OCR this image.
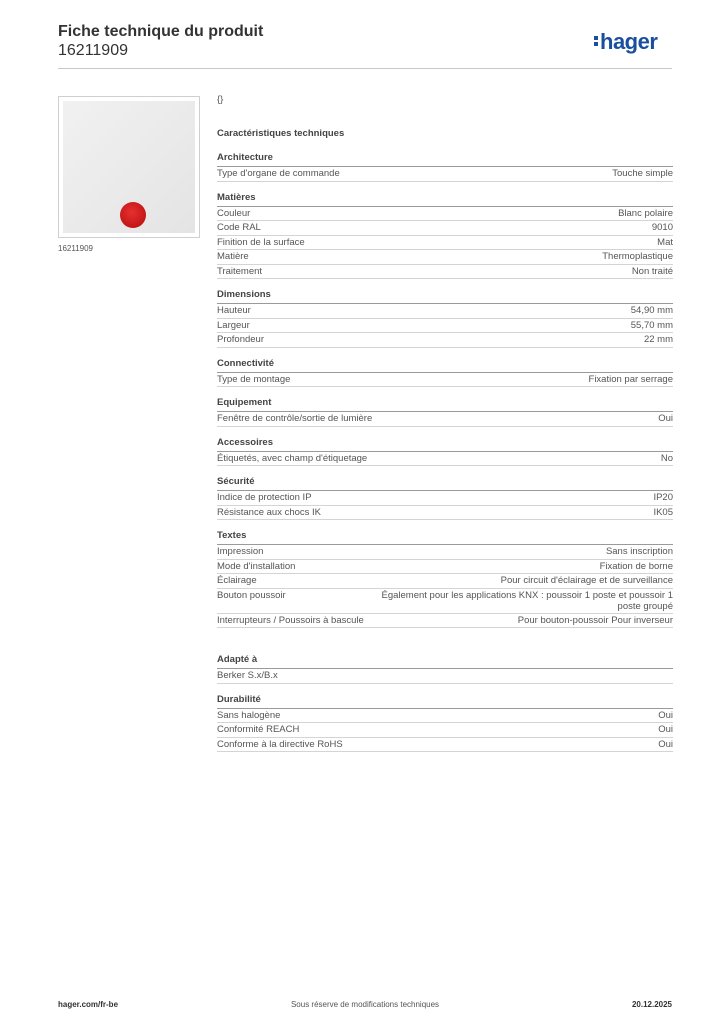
Fiche technique du produit
16211909	hager
16211909
{}
Caractéristiques techniques
Architecture
Type d'organe de commande	Touche simple
Matières
Couleur	Blanc polaire
Code RAL	9010
Finition de la surface	Mat
Matière	Thermoplastique
Traitement	Non traité
Dimensions
Hauteur	54,90 mm
Largeur	55,70 mm
Profondeur	22 mm
Connectivité
Type de montage	Fixation par serrage
Equipement
Fenêtre de contrôle/sortie de lumière	Oui
Accessoires
Étiquetés, avec champ d'étiquetage	No
Sécurité
Indice de protection IP	IP20
Résistance aux chocs IK	IK05
Textes
Impression	Sans inscription
Mode d'installation	Fixation de borne
Éclairage	Pour circuit d'éclairage et de surveillance
Bouton poussoir	Également pour les applications KNX : poussoir 1 poste et poussoir 1 poste groupé
Interrupteurs / Poussoirs à bascule	Pour bouton-poussoir Pour inverseur
Adapté à
Berker S.x/B.x
Durabilité
Sans halogène	Oui
Conformité REACH	Oui
Conforme à la directive RoHS	Oui
hager.com/fr-be	Sous réserve de modifications techniques	20.12.2025
